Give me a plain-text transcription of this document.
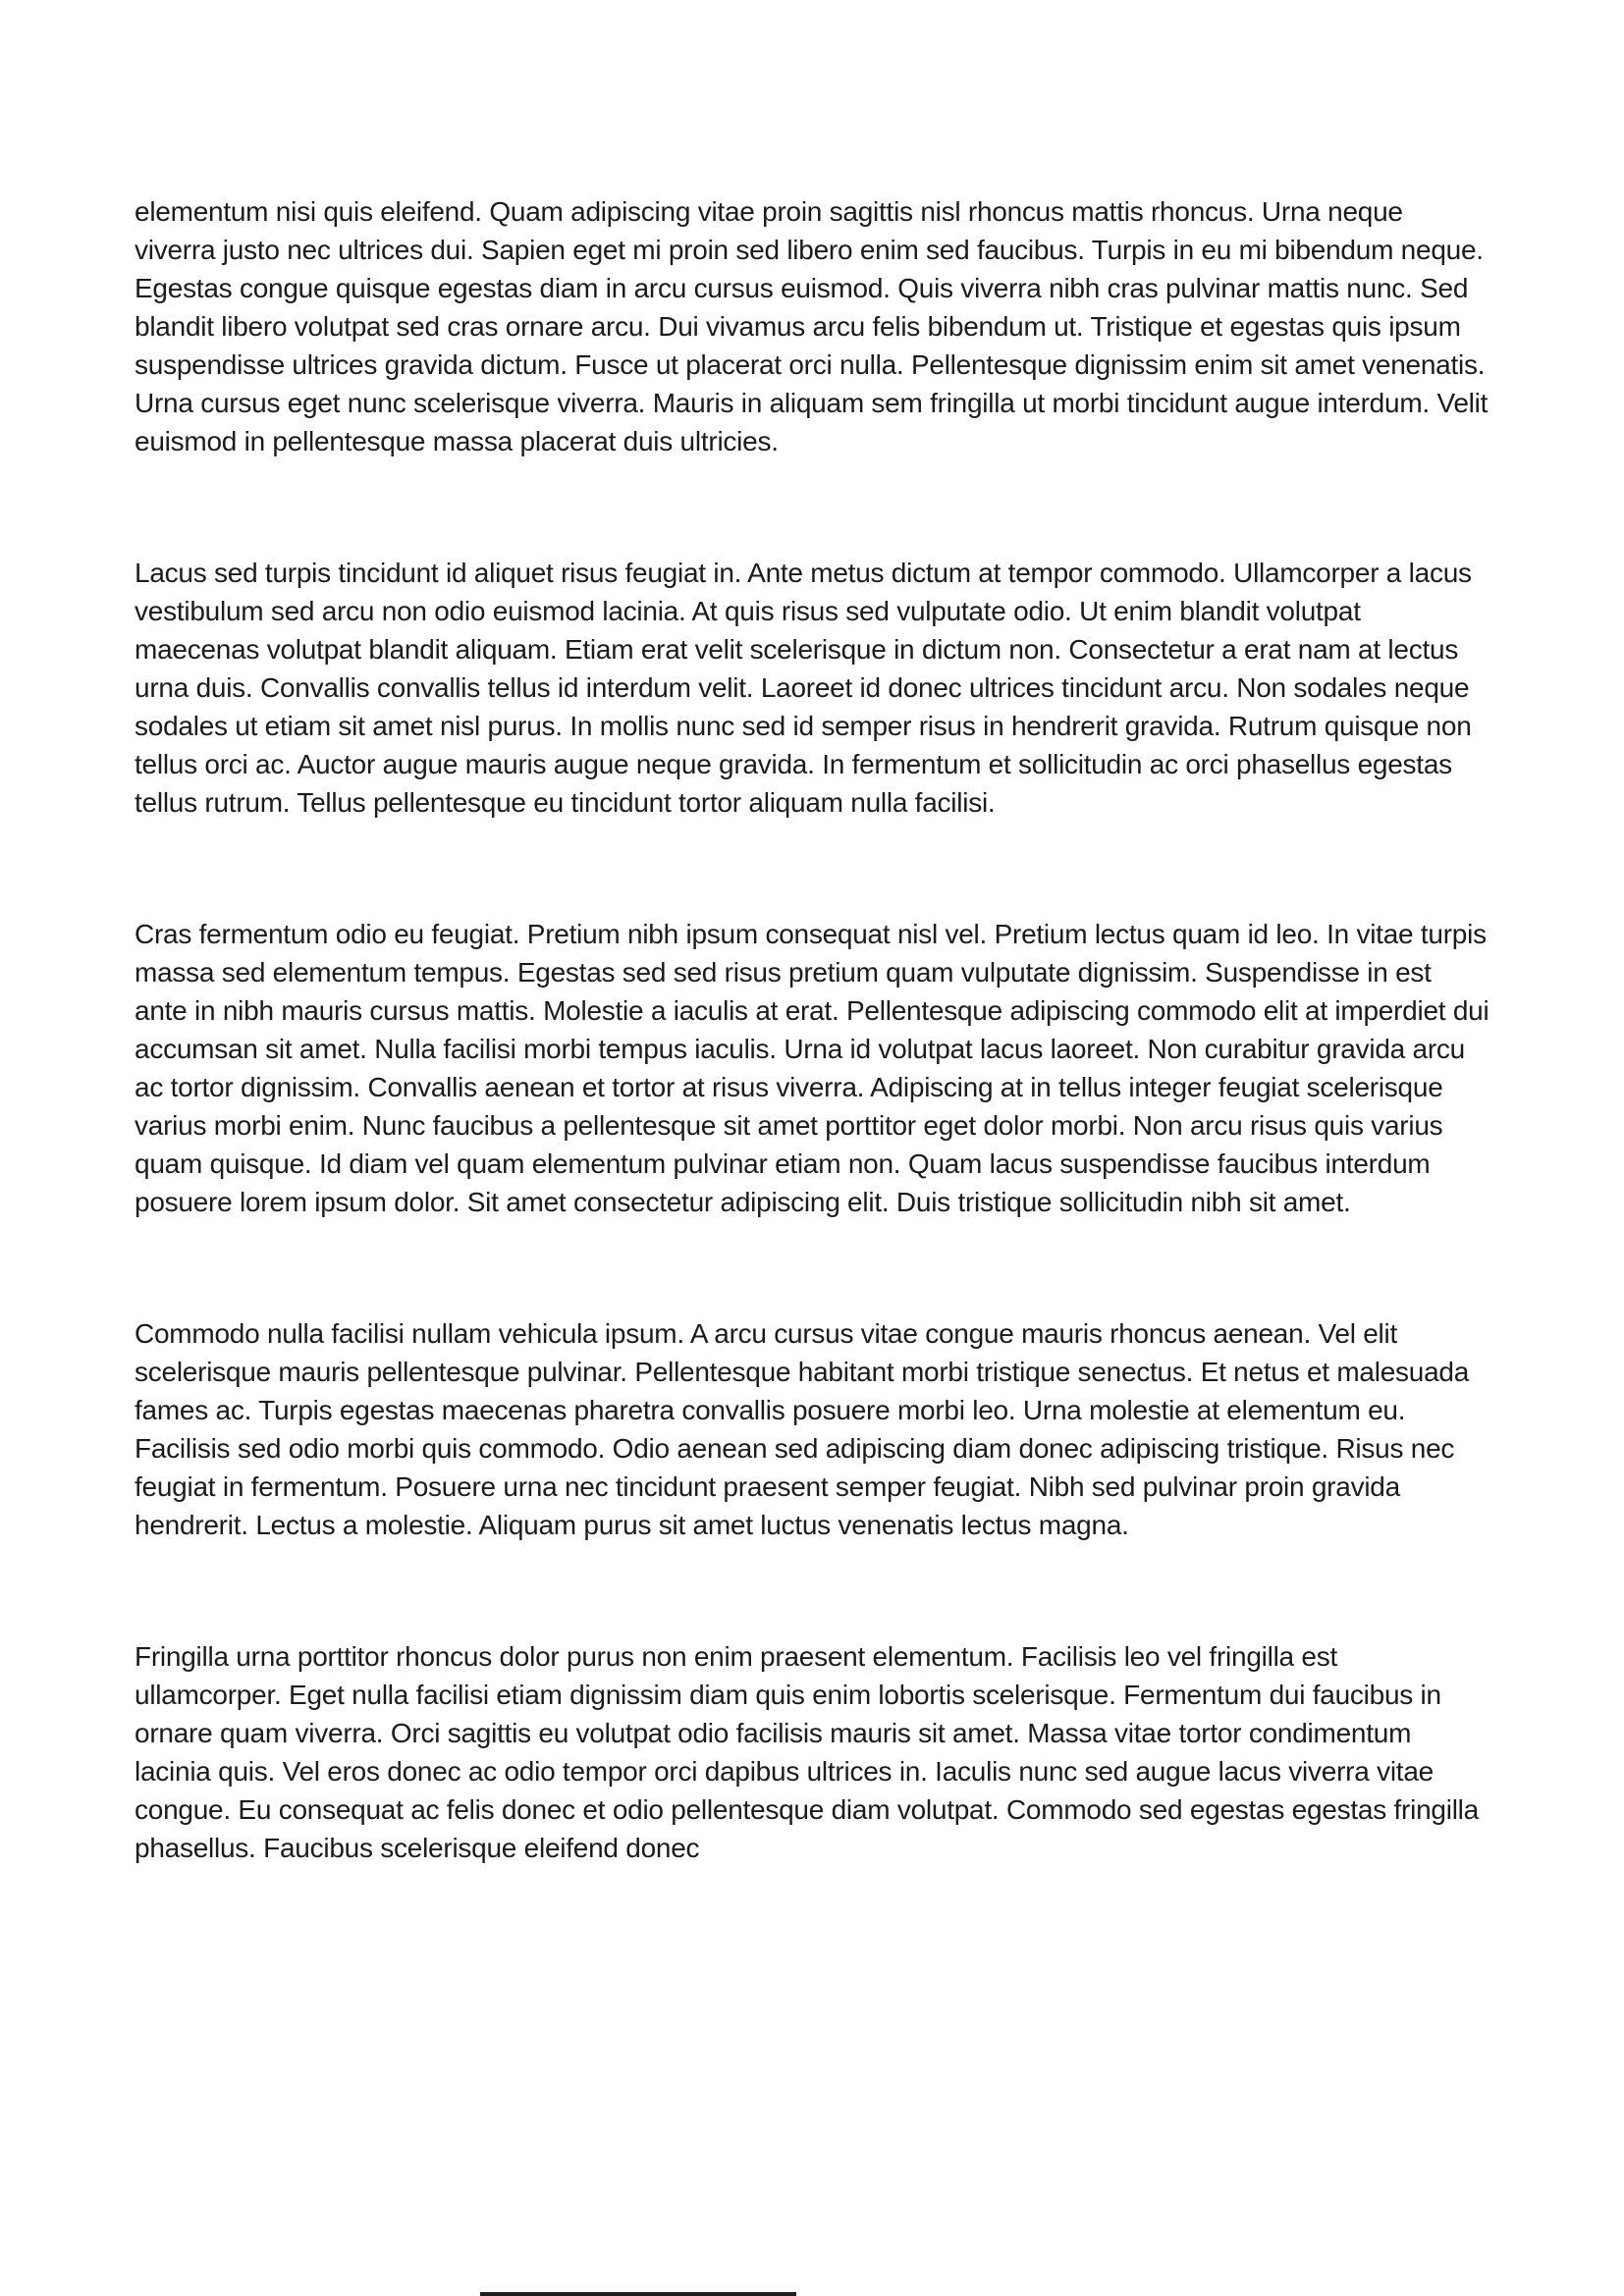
elementum nisi quis eleifend. Quam adipiscing vitae proin sagittis nisl rhoncus mattis rhoncus. Urna neque viverra justo nec ultrices dui. Sapien eget mi proin sed libero enim sed faucibus. Turpis in eu mi bibendum neque. Egestas congue quisque egestas diam in arcu cursus euismod. Quis viverra nibh cras pulvinar mattis nunc. Sed blandit libero volutpat sed cras ornare arcu. Dui vivamus arcu felis bibendum ut. Tristique et egestas quis ipsum suspendisse ultrices gravida dictum. Fusce ut placerat orci nulla. Pellentesque dignissim enim sit amet venenatis. Urna cursus eget nunc scelerisque viverra. Mauris in aliquam sem fringilla ut morbi tincidunt augue interdum. Velit euismod in pellentesque massa placerat duis ultricies.

Lacus sed turpis tincidunt id aliquet risus feugiat in. Ante metus dictum at tempor commodo. Ullamcorper a lacus vestibulum sed arcu non odio euismod lacinia. At quis risus sed vulputate odio. Ut enim blandit volutpat maecenas volutpat blandit aliquam. Etiam erat velit scelerisque in dictum non. Consectetur a erat nam at lectus urna duis. Convallis convallis tellus id interdum velit. Laoreet id donec ultrices tincidunt arcu. Non sodales neque sodales ut etiam sit amet nisl purus. In mollis nunc sed id semper risus in hendrerit gravida. Rutrum quisque non tellus orci ac. Auctor augue mauris augue neque gravida. In fermentum et sollicitudin ac orci phasellus egestas tellus rutrum. Tellus pellentesque eu tincidunt tortor aliquam nulla facilisi.

Cras fermentum odio eu feugiat. Pretium nibh ipsum consequat nisl vel. Pretium lectus quam id leo. In vitae turpis massa sed elementum tempus. Egestas sed sed risus pretium quam vulputate dignissim. Suspendisse in est ante in nibh mauris cursus mattis. Molestie a iaculis at erat. Pellentesque adipiscing commodo elit at imperdiet dui accumsan sit amet. Nulla facilisi morbi tempus iaculis. Urna id volutpat lacus laoreet. Non curabitur gravida arcu ac tortor dignissim. Convallis aenean et tortor at risus viverra. Adipiscing at in tellus integer feugiat scelerisque varius morbi enim. Nunc faucibus a pellentesque sit amet porttitor eget dolor morbi. Non arcu risus quis varius quam quisque. Id diam vel quam elementum pulvinar etiam non. Quam lacus suspendisse faucibus interdum posuere lorem ipsum dolor. Sit amet consectetur adipiscing elit. Duis tristique sollicitudin nibh sit amet.

Commodo nulla facilisi nullam vehicula ipsum. A arcu cursus vitae congue mauris rhoncus aenean. Vel elit scelerisque mauris pellentesque pulvinar. Pellentesque habitant morbi tristique senectus. Et netus et malesuada fames ac. Turpis egestas maecenas pharetra convallis posuere morbi leo. Urna molestie at elementum eu. Facilisis sed odio morbi quis commodo. Odio aenean sed adipiscing diam donec adipiscing tristique. Risus nec feugiat in fermentum. Posuere urna nec tincidunt praesent semper feugiat. Nibh sed pulvinar proin gravida hendrerit. Lectus a molestie. Aliquam purus sit amet luctus venenatis lectus magna.

Fringilla urna porttitor rhoncus dolor purus non enim praesent elementum. Facilisis leo vel fringilla est ullamcorper. Eget nulla facilisi etiam dignissim diam quis enim lobortis scelerisque. Fermentum dui faucibus in ornare quam viverra. Orci sagittis eu volutpat odio facilisis mauris sit amet. Massa vitae tortor condimentum lacinia quis. Vel eros donec ac odio tempor orci dapibus ultrices in. Iaculis nunc sed augue lacus viverra vitae congue. Eu consequat ac felis donec et odio pellentesque diam volutpat. Commodo sed egestas egestas fringilla phasellus. Faucibus scelerisque eleifend donec
